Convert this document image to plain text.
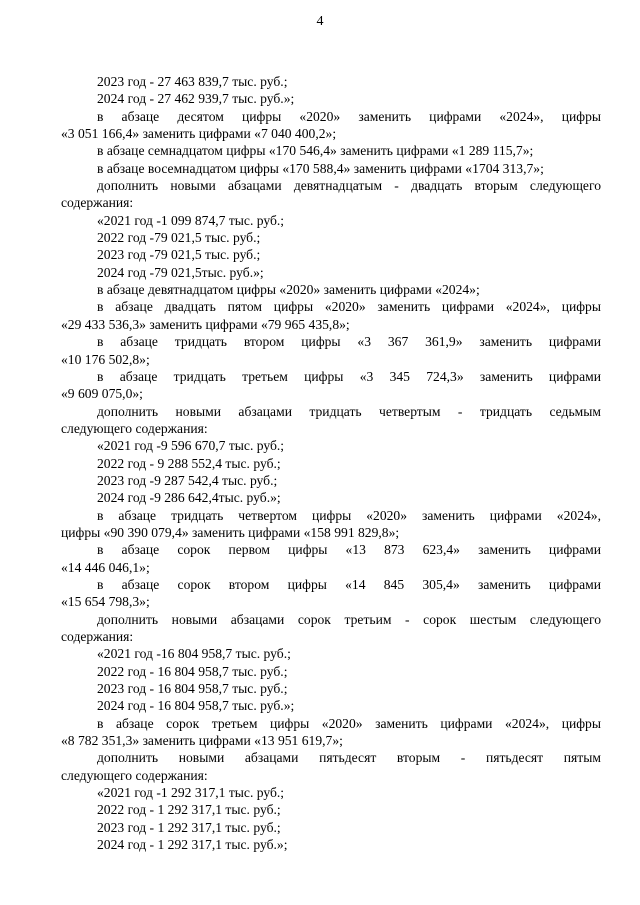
4
2023 год - 27 463 839,7 тыс. руб.;
2024 год - 27 462 939,7 тыс. руб.»;
в абзаце десятом цифры «2020» заменить цифрами «2024», цифры
«3 051 166,4» заменить цифрами «7 040 400,2»;
в абзаце семнадцатом цифры «170 546,4» заменить цифрами «1 289 115,7»;
в абзаце восемнадцатом цифры «170 588,4» заменить цифрами «1704 313,7»;
дополнить новыми абзацами девятнадцатым - двадцать вторым следующего
содержания:
«2021 год -1 099 874,7 тыс. руб.;
2022 год -79 021,5 тыс. руб.;
2023 год -79 021,5 тыс. руб.;
2024 год -79 021,5тыс. руб.»;
в абзаце девятнадцатом цифры «2020» заменить цифрами «2024»;
в абзаце двадцать пятом цифры «2020» заменить цифрами «2024», цифры
«29 433 536,3» заменить цифрами «79 965 435,8»;
в абзаце тридцать втором цифры «3 367 361,9» заменить цифрами
«10 176 502,8»;
в абзаце тридцать третьем цифры «3 345 724,3» заменить цифрами
«9 609 075,0»;
дополнить новыми абзацами тридцать четвертым - тридцать седьмым
следующего содержания:
«2021 год -9 596 670,7 тыс. руб.;
2022 год - 9 288 552,4 тыс. руб.;
2023 год -9 287 542,4 тыс. руб.;
2024 год -9 286 642,4тыс. руб.»;
в абзаце тридцать четвертом цифры «2020» заменить цифрами «2024»,
цифры «90 390 079,4» заменить цифрами «158 991 829,8»;
в абзаце сорок первом цифры «13 873 623,4» заменить цифрами
«14 446 046,1»;
в абзаце сорок втором цифры «14 845 305,4» заменить цифрами
«15 654 798,3»;
дополнить новыми абзацами сорок третьим - сорок шестым следующего
содержания:
«2021 год -16 804 958,7 тыс. руб.;
2022 год - 16 804 958,7 тыс. руб.;
2023 год - 16 804 958,7 тыс. руб.;
2024 год - 16 804 958,7 тыс. руб.»;
в абзаце сорок третьем цифры «2020» заменить цифрами «2024», цифры
«8 782 351,3» заменить цифрами «13 951 619,7»;
дополнить новыми абзацами пятьдесят вторым - пятьдесят пятым
следующего содержания:
«2021 год -1 292 317,1 тыс. руб.;
2022 год - 1 292 317,1 тыс. руб.;
2023 год - 1 292 317,1 тыс. руб.;
2024 год - 1 292 317,1 тыс. руб.»;
